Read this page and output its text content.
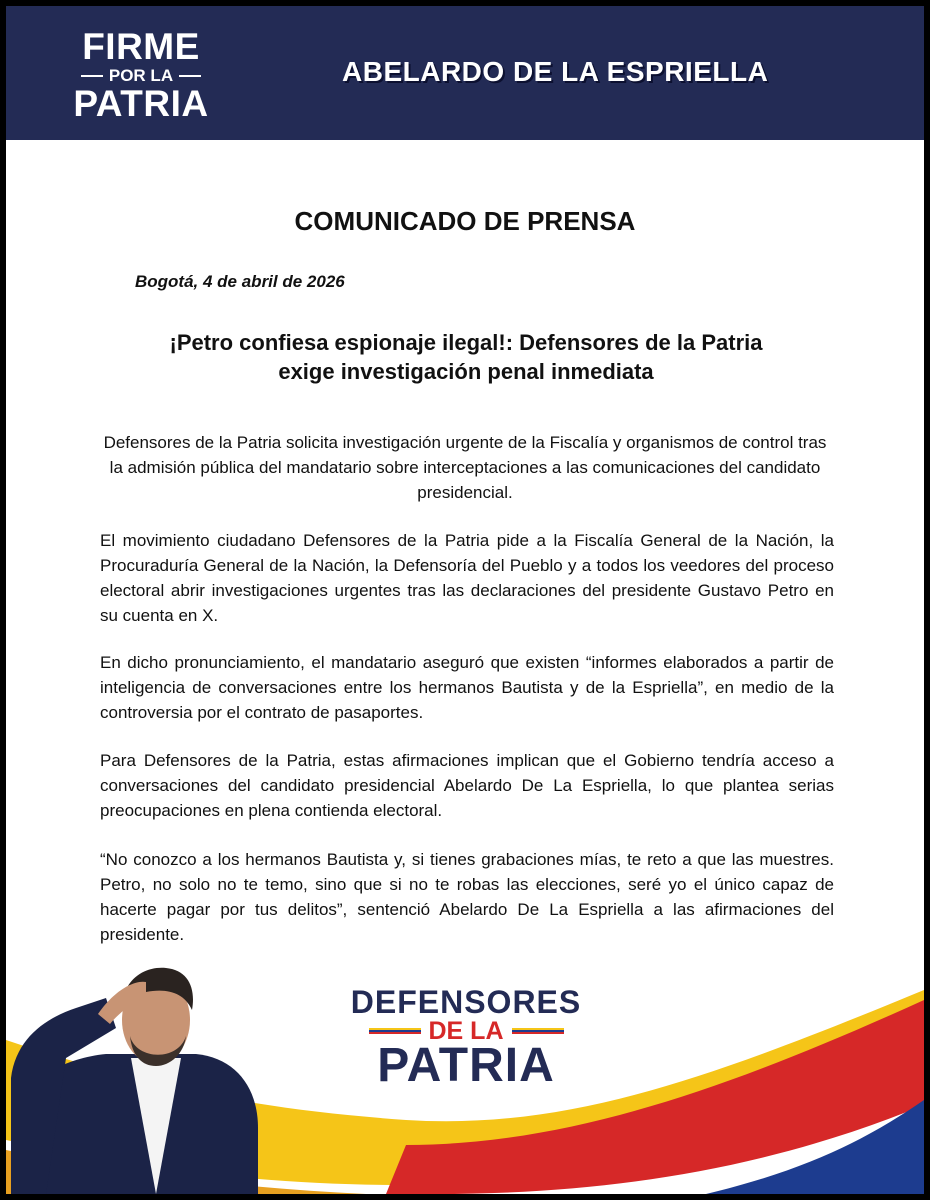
FIRME
POR LA
PATRIA
ABELARDO DE LA ESPRIELLA
COMUNICADO DE PRENSA
Bogotá, 4 de abril de 2026
¡Petro confiesa espionaje ilegal!: Defensores de la Patria
exige investigación penal inmediata
Defensores de la Patria solicita investigación urgente de la Fiscalía y organismos de control tras la admisión pública del mandatario sobre interceptaciones a las comunicaciones del candidato presidencial.

El movimiento ciudadano Defensores de la Patria pide a la Fiscalía General de la Nación, la Procuraduría General de la Nación, la Defensoría del Pueblo y a todos los veedores del proceso electoral abrir investigaciones urgentes tras las declaraciones del presidente Gustavo Petro en su cuenta en X.

En dicho pronunciamiento, el mandatario aseguró que existen “informes elaborados a partir de inteligencia de conversaciones entre los hermanos Bautista y de la Espriella”, en medio de la controversia por el contrato de pasaportes.

Para Defensores de la Patria, estas afirmaciones implican que el Gobierno tendría acceso a conversaciones del candidato presidencial Abelardo De La Espriella, lo que plantea serias preocupaciones en plena contienda electoral.

“No conozco a los hermanos Bautista y, si tienes grabaciones mías, te reto a que las muestres. Petro, no solo no te temo, sino que si no te robas las elecciones, seré yo el único capaz de hacerte pagar por tus delitos”, sentenció Abelardo De La Espriella a las afirmaciones del presidente.

DEFENSORES
DE LA
PATRIA
